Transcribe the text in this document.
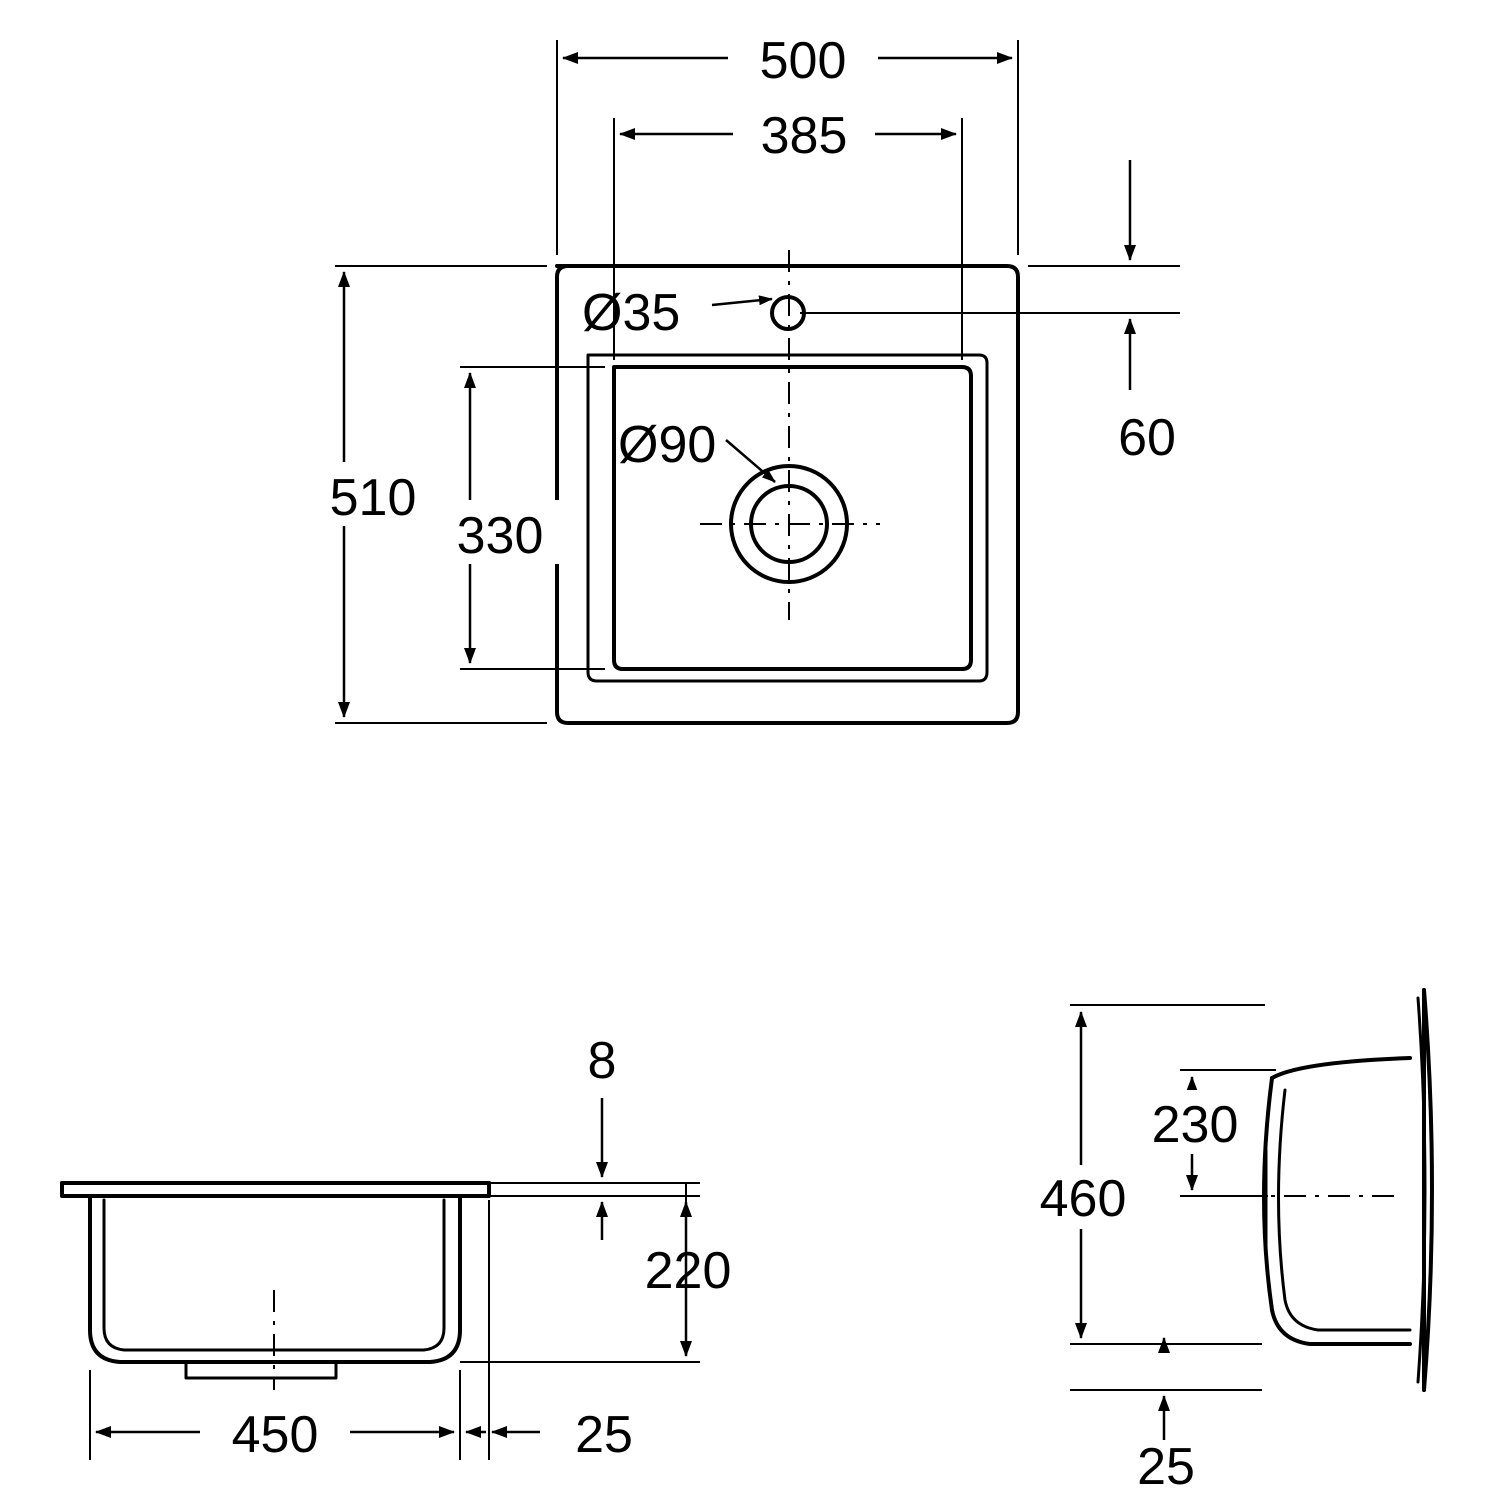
500
385
Ø35
Ø90
510
330
60
8
220
450	25
460
230
25
